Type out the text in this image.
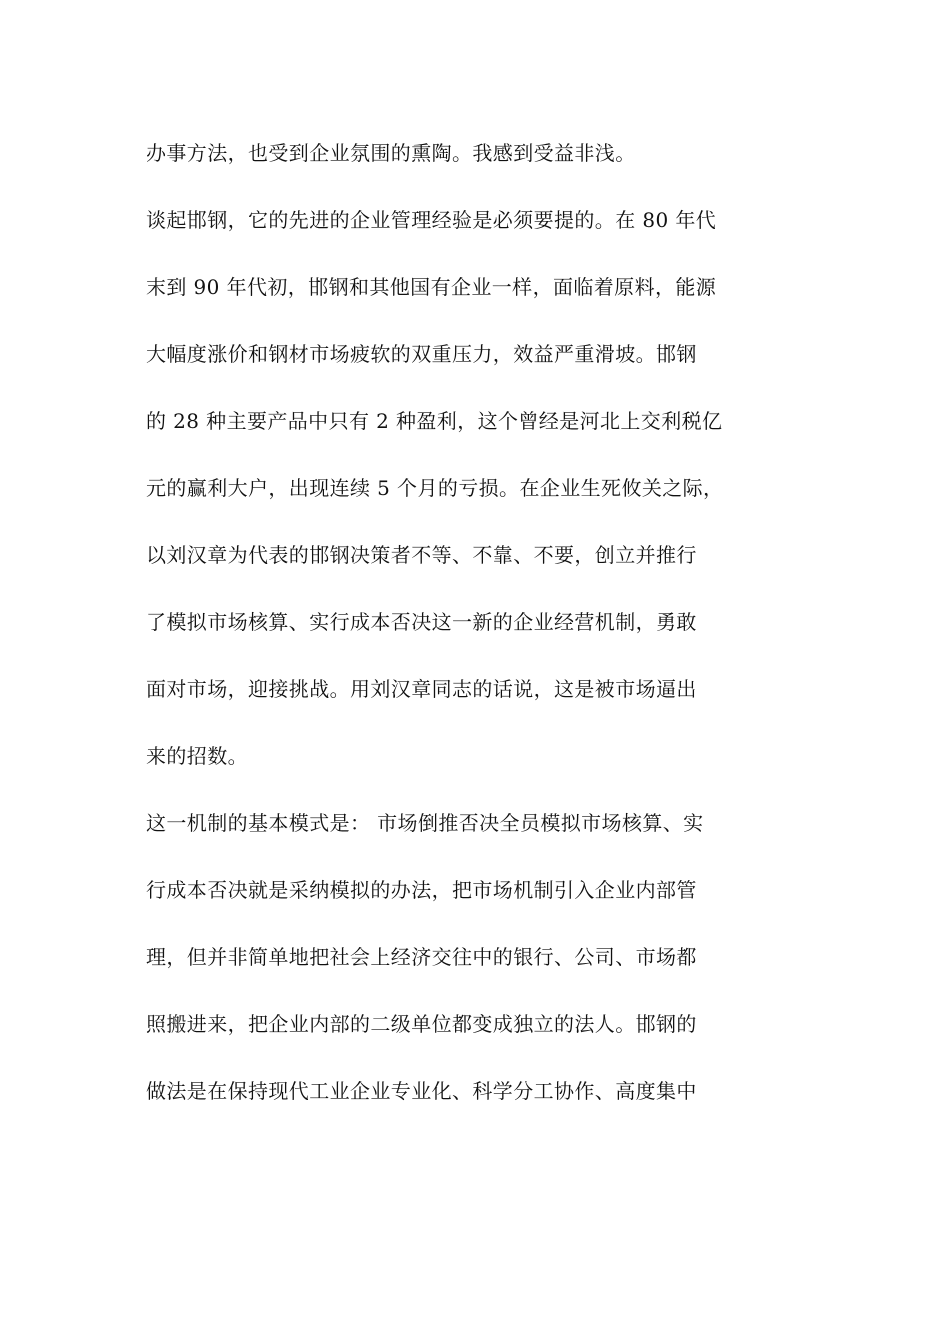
办事方法，也受到企业氛围的熏陶。我感到受益非浅。
谈起邯钢，它的先进的企业管理经验是必须要提的。在 80 年代
末到 90 年代初，邯钢和其他国有企业一样，面临着原料，能源
大幅度涨价和钢材市场疲软的双重压力，效益严重滑坡。邯钢
的 28 种主要产品中只有 2 种盈利，这个曾经是河北上交利税亿
元的赢利大户，出现连续 5 个月的亏损。在企业生死攸关之际，
以刘汉章为代表的邯钢决策者不等、不靠、不要，创立并推行
了模拟市场核算、实行成本否决这一新的企业经营机制，勇敢
面对市场，迎接挑战。用刘汉章同志的话说，这是被市场逼出
来的招数。
这一机制的基本模式是： 市场倒推否决全员模拟市场核算、实
行成本否决就是采纳模拟的办法，把市场机制引入企业内部管
理，但并非简单地把社会上经济交往中的银行、公司、市场都
照搬进来，把企业内部的二级单位都变成独立的法人。邯钢的
做法是在保持现代工业企业专业化、科学分工协作、高度集中
